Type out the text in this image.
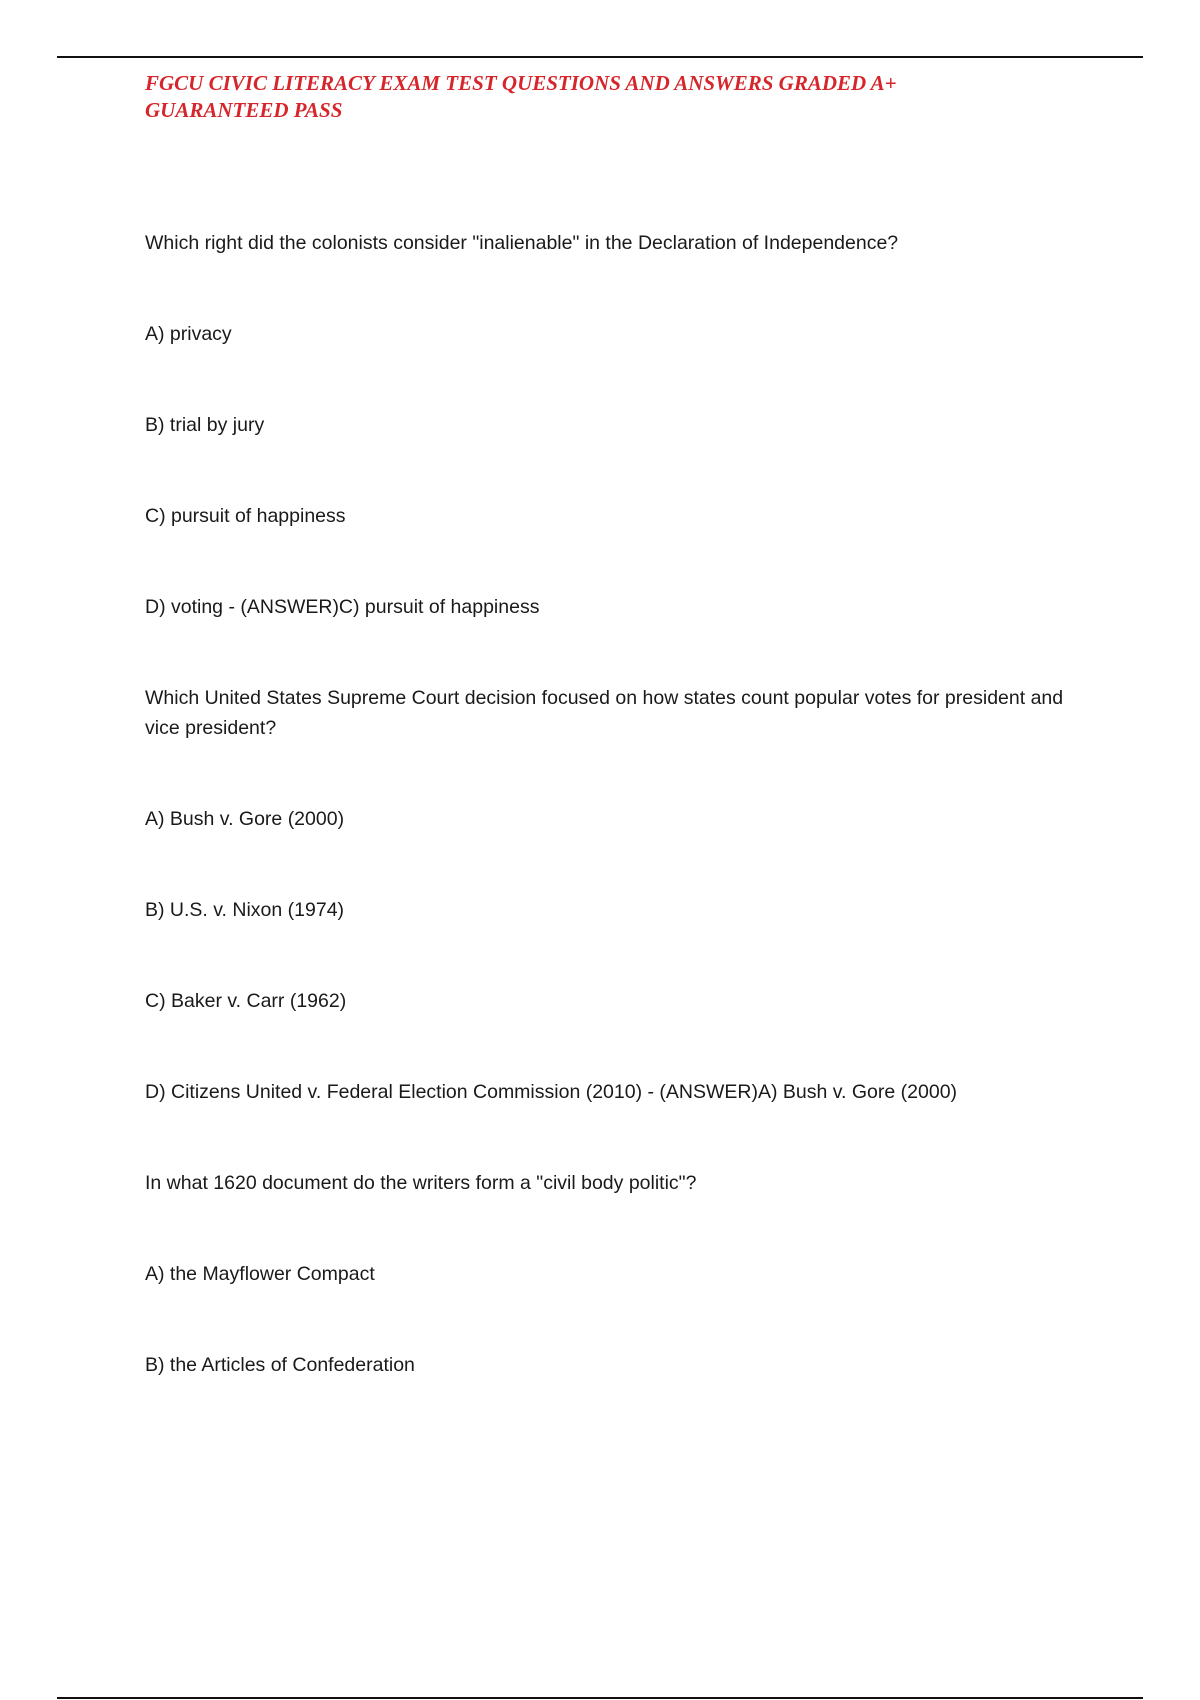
FGCU CIVIC LITERACY EXAM TEST QUESTIONS AND ANSWERS GRADED A+
GUARANTEED PASS

Which right did the colonists consider "inalienable" in the Declaration of Independence?

A) privacy

B) trial by jury

C) pursuit of happiness

D) voting - (ANSWER)C) pursuit of happiness

Which United States Supreme Court decision focused on how states count popular votes for president and vice president?

A) Bush v. Gore (2000)

B) U.S. v. Nixon (1974)

C) Baker v. Carr (1962)

D) Citizens United v. Federal Election Commission (2010) - (ANSWER)A) Bush v. Gore (2000)

In what 1620 document do the writers form a "civil body politic"?

A) the Mayflower Compact

B) the Articles of Confederation
